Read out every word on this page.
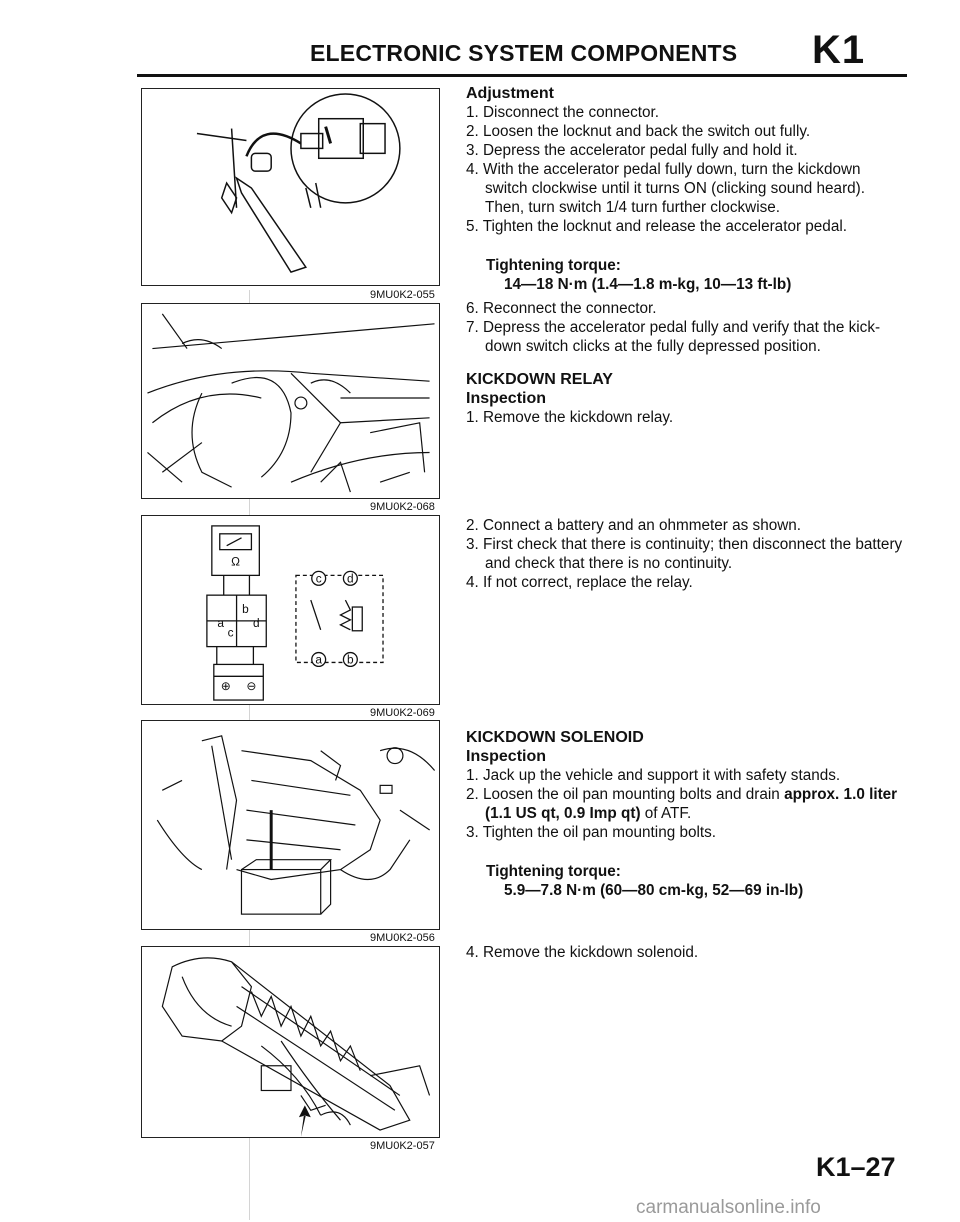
ELECTRONIC SYSTEM COMPONENTS K1
9MU0K2-055
9MU0K2-068
Ω
a
b
c
d
c d
a b
⊕ ⊖
9MU0K2-069
9MU0K2-056
9MU0K2-057

Adjustment

1. Disconnect the connector.

2. Loosen the locknut and back the switch out fully.

3. Depress the accelerator pedal fully and hold it.

4. With the accelerator pedal fully down, turn the kickdown switch clockwise until it turns ON (clicking sound heard). Then, turn switch 1/4 turn further clockwise.

5. Tighten the locknut and release the accelerator pedal.

Tightening torque:

14—18 N·m (1.4—1.8 m-kg, 10—13 ft-lb)

6. Reconnect the connector.

7. Depress the accelerator pedal fully and verify that the kick-down switch clicks at the fully depressed position.

KICKDOWN RELAY

Inspection

1. Remove the kickdown relay.

2. Connect a battery and an ohmmeter as shown.

3. First check that there is continuity; then disconnect the battery and check that there is no continuity.

4. If not correct, replace the relay.

KICKDOWN SOLENOID

Inspection

1. Jack up the vehicle and support it with safety stands.

2. Loosen the oil pan mounting bolts and drain approx. 1.0 liter (1.1 US qt, 0.9 Imp qt) of ATF.

3. Tighten the oil pan mounting bolts.

Tightening torque:

5.9—7.8 N·m (60—80 cm-kg, 52—69 in-lb)

4. Remove the kickdown solenoid.

K1–27
carmanualsonline.info
